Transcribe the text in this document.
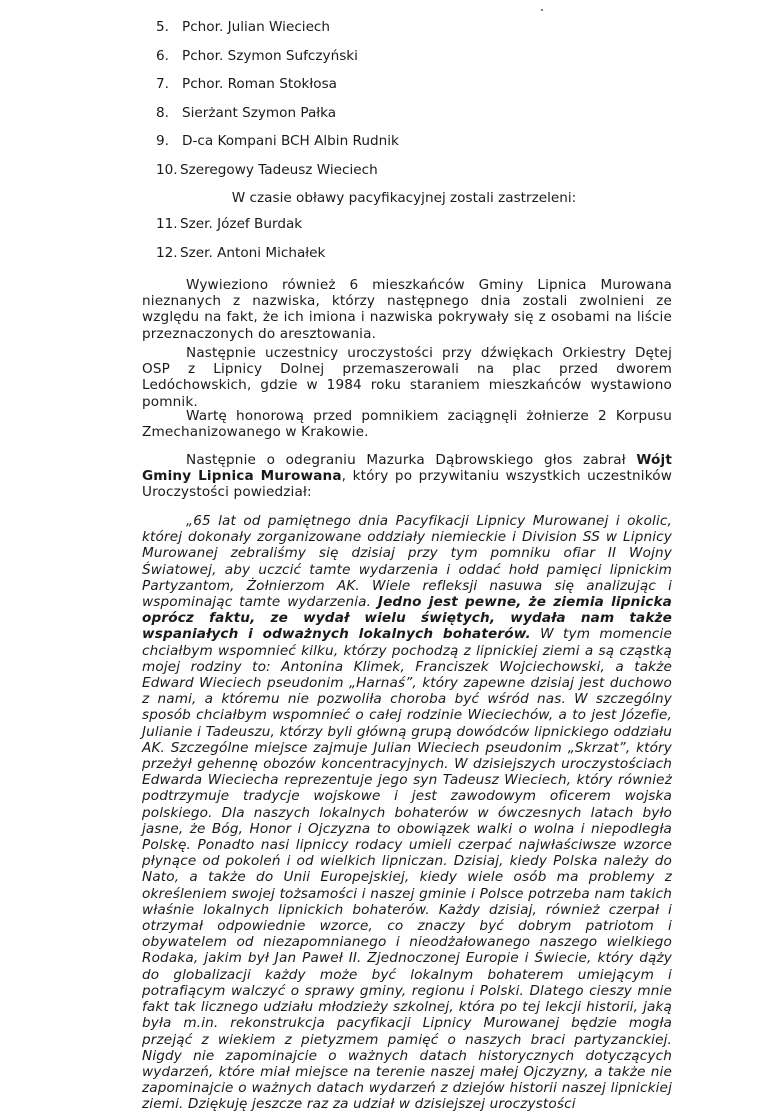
5. Pchor. Julian Wieciech
6. Pchor. Szymon Sufczyński
7. Pchor. Roman Stokłosa
8. Sierżant Szymon Pałka
9. D-ca Kompani BCH Albin Rudnik
10. Szeregowy Tadeusz Wieciech
W czasie obławy pacyfikacyjnej zostali zastrzeleni:
11. Szer. Józef Burdak
12. Szer. Antoni Michałek

Wywieziono również 6 mieszkańców Gminy Lipnica Murowana nieznanych z nazwiska, którzy następnego dnia zostali zwolnieni ze względu na fakt, że ich imiona i nazwiska pokrywały się z osobami na liście przeznaczonych do aresztowania.

Następnie uczestnicy uroczystości przy dźwiękach Orkiestry Dętej OSP z Lipnicy Dolnej przemaszerowali na plac przed dworem Ledóchowskich, gdzie w 1984 roku staraniem mieszkańców wystawiono pomnik.

Wartę honorową przed pomnikiem zaciągnęli żołnierze 2 Korpusu Zmechanizowanego w Krakowie.

Następnie o odegraniu Mazurka Dąbrowskiego głos zabrał Wójt Gminy Lipnica Murowana, który po przywitaniu wszystkich uczestników Uroczystości powiedział:

„65 lat od pamiętnego dnia Pacyfikacji Lipnicy Murowanej i okolic, której dokonały zorganizowane oddziały niemieckie i Division SS w Lipnicy Murowanej zebraliśmy się dzisiaj przy tym pomniku ofiar II Wojny Światowej, aby uczcić tamte wydarzenia i oddać hołd pamięci lipnickim Partyzantom, Żołnierzom AK. Wiele refleksji nasuwa się analizując i wspominając tamte wydarzenia. Jedno jest pewne, że ziemia lipnicka oprócz faktu, ze wydał wielu świętych, wydała nam także wspaniałych i odważnych lokalnych bohaterów. W tym momencie chciałbym wspomnieć kilku, którzy pochodzą z lipnickiej ziemi a są cząstką mojej rodziny to: Antonina Klimek, Franciszek Wojciechowski, a także Edward Wieciech pseudonim „Harnaś”, który zapewne dzisiaj jest duchowo z nami, a któremu nie pozwoliła choroba być wśród nas. W szczególny sposób chciałbym wspomnieć o całej rodzinie Wieciechów, a to jest Józefie, Julianie i Tadeuszu, którzy byli główną grupą dowódców lipnickiego oddziału AK. Szczególne miejsce zajmuje Julian Wieciech pseudonim „Skrzat”, który przeżył gehennę obozów koncentracyjnych. W dzisiejszych uroczystościach Edwarda Wieciecha reprezentuje jego syn Tadeusz Wieciech, który również podtrzymuje tradycje wojskowe i jest zawodowym oficerem wojska polskiego. Dla naszych lokalnych bohaterów w ówczesnych latach było jasne, że Bóg, Honor i Ojczyzna to obowiązek walki o wolna i niepodległa Polskę. Ponadto nasi lipniccy rodacy umieli czerpać najwłaściwsze wzorce płynące od pokoleń i od wielkich lipniczan. Dzisiaj, kiedy Polska należy do Nato, a także do Unii Europejskiej, kiedy wiele osób ma problemy z określeniem swojej tożsamości i naszej gminie i Polsce potrzeba nam takich właśnie lokalnych lipnickich bohaterów. Każdy dzisiaj, również czerpał i otrzymał odpowiednie wzorce, co znaczy być dobrym patriotom i obywatelem od niezapomnianego i nieodżałowanego naszego wielkiego Rodaka, jakim był Jan Paweł II. Zjednoczonej Europie i Świecie, który dąży do globalizacji każdy może być lokalnym bohaterem umiejącym i potrafiącym walczyć o sprawy gminy, regionu i Polski. Dlatego cieszy mnie fakt tak licznego udziału młodzieży szkolnej, która po tej lekcji historii, jaką była m.in. rekonstrukcja pacyfikacji Lipnicy Murowanej będzie mogła przejąć z wiekiem z pietyzmem pamięć o naszych braci partyzanckiej. Nigdy nie zapominajcie o ważnych datach historycznych dotyczących wydarzeń, które miał miejsce na terenie naszej małej Ojczyzny, a także nie zapominajcie o ważnych datach wydarzeń z dziejów historii naszej lipnickiej ziemi. Dziękuję jeszcze raz za udział w dzisiejszej uroczystości
